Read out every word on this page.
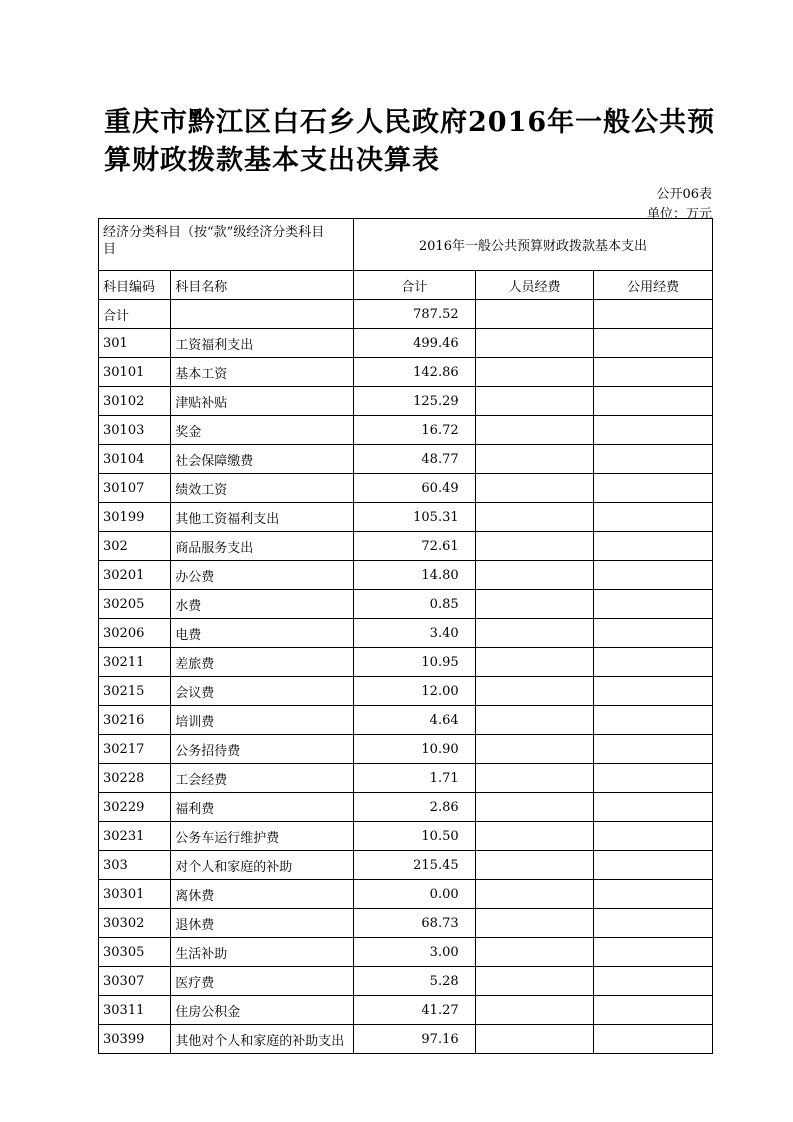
重庆市黔江区白石乡人民政府2016年一般公共预
算财政拨款基本支出决算表
公开06表
单位：万元
经济分类科目（按“款”级经济分类科目
目		2016年一般公共预算财政拨款基本支出		
科目编码	科目名称	合计	人员经费	公用经费
合计		787.52		
301	工资福利支出	499.46		
30101	基本工资	142.86		
30102	津贴补贴	125.29		
30103	奖金	16.72		
30104	社会保障缴费	48.77		
30107	绩效工资	60.49		
30199	其他工资福利支出	105.31		
302	商品服务支出	72.61		
30201	办公费	14.80		
30205	水费	0.85		
30206	电费	3.40		
30211	差旅费	10.95		
30215	会议费	12.00		
30216	培训费	4.64		
30217	公务招待费	10.90		
30228	工会经费	1.71		
30229	福利费	2.86		
30231	公务车运行维护费	10.50		
303	对个人和家庭的补助	215.45		
30301	离休费	0.00		
30302	退休费	68.73		
30305	生活补助	3.00		
30307	医疗费	5.28		
30311	住房公积金	41.27		
30399	其他对个人和家庭的补助支出	97.16		
